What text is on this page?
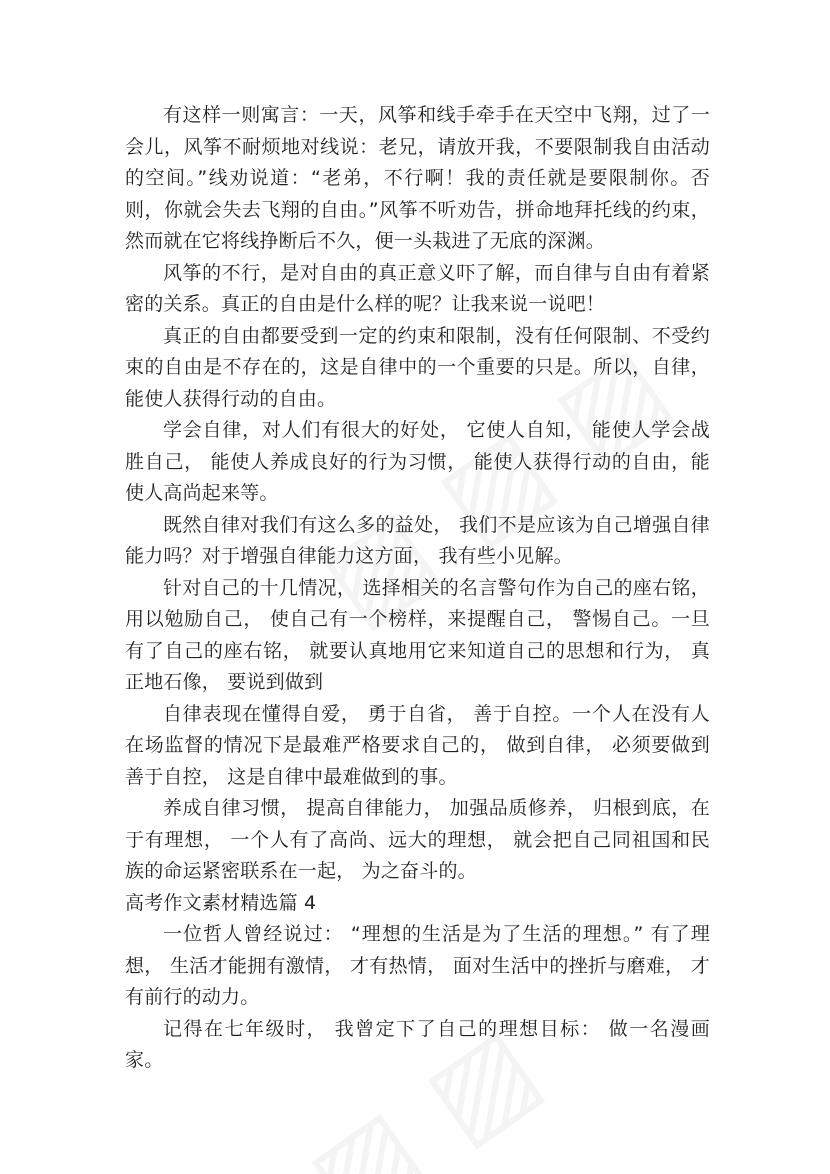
有这样一则寓言：一天，风筝和线手牵手在天空中飞翔，过了一会儿，风筝不耐烦地对线说：老兄，请放开我，不要限制我自由活动的空间。”线劝说道：“老弟，不行啊！我的责任就是要限制你。否则，你就会失去飞翔的自由。”风筝不听劝告，拼命地拜托线的约束，然而就在它将线挣断后不久，便一头栽进了无底的深渊。

风筝的不行，是对自由的真正意义吓了解，而自律与自由有着紧密的关系。真正的自由是什么样的呢？让我来说一说吧！

真正的自由都要受到一定的约束和限制，没有任何限制、不受约束的自由是不存在的，这是自律中的一个重要的只是。所以，自律，能使人获得行动的自由。

学会自律，对人们有很大的好处， 它使人自知， 能使人学会战胜自己， 能使人养成良好的行为习惯， 能使人获得行动的自由，能使人高尚起来等。

既然自律对我们有这么多的益处， 我们不是应该为自己增强自律能力吗？对于增强自律能力这方面， 我有些小见解。

针对自己的十几情况， 选择相关的名言警句作为自己的座右铭，用以勉励自己， 使自己有一个榜样，来提醒自己， 警惕自己。一旦有了自己的座右铭， 就要认真地用它来知道自己的思想和行为， 真正地石像， 要说到做到

自律表现在懂得自爱， 勇于自省， 善于自控。一个人在没有人在场监督的情况下是最难严格要求自己的， 做到自律， 必须要做到善于自控， 这是自律中最难做到的事。

养成自律习惯， 提高自律能力， 加强品质修养， 归根到底，在于有理想， 一个人有了高尚、远大的理想， 就会把自己同祖国和民族的命运紧密联系在一起， 为之奋斗的。

高考作文素材精选篇 4

一位哲人曾经说过： “理想的生活是为了生活的理想。” 有了理想， 生活才能拥有激情， 才有热情， 面对生活中的挫折与磨难， 才有前行的动力。

记得在七年级时， 我曾定下了自己的理想目标： 做一名漫画家。
